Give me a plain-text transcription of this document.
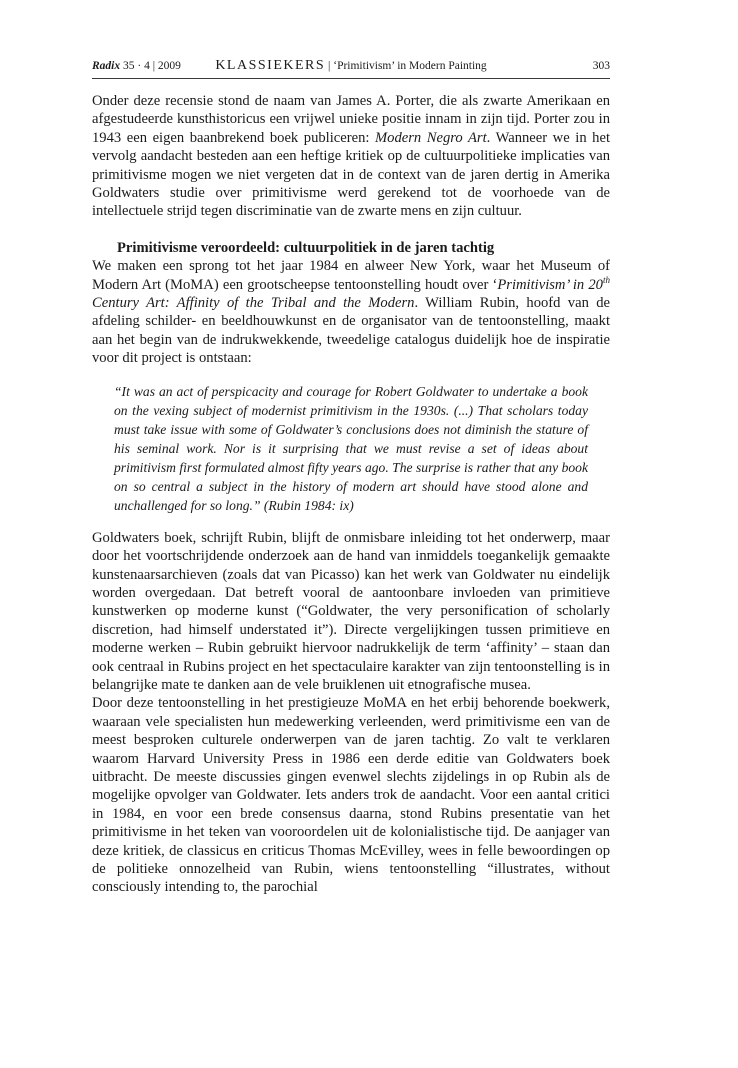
Radix 35 · 4 | 2009	KLASSIEKERS | ‘Primitivism’ in Modern Painting	303

Onder deze recensie stond de naam van James A. Porter, die als zwarte Amerikaan en afgestudeerde kunsthistoricus een vrijwel unieke positie innam in zijn tijd. Porter zou in 1943 een eigen baanbrekend boek publiceren: Modern Negro Art. Wanneer we in het vervolg aandacht besteden aan een heftige kritiek op de cultuurpolitieke implicaties van primitivisme mogen we niet vergeten dat in de context van de jaren dertig in Amerika Goldwaters studie over primitivisme werd gerekend tot de voorhoede van de intellectuele strijd tegen discriminatie van de zwarte mens en zijn cultuur.

Primitivisme veroordeeld: cultuurpolitiek in de jaren tachtig

We maken een sprong tot het jaar 1984 en alweer New York, waar het Museum of Modern Art (MoMA) een grootscheepse tentoonstelling houdt over ‘Primitivism’ in 20th Century Art: Affinity of the Tribal and the Modern. William Rubin, hoofd van de afdeling schilder- en beeldhouwkunst en de organisator van de tentoonstelling, maakt aan het begin van de indrukwekkende, tweedelige catalogus duidelijk hoe de inspiratie voor dit project is ontstaan:

“It was an act of perspicacity and courage for Robert Goldwater to undertake a book on the vexing subject of modernist primitivism in the 1930s. (...) That scholars today must take issue with some of Goldwater’s conclusions does not diminish the stature of his seminal work. Nor is it surprising that we must revise a set of ideas about primitivism first formulated almost fifty years ago. The surprise is rather that any book on so central a subject in the history of modern art should have stood alone and unchallenged for so long.” (Rubin 1984: ix)

Goldwaters boek, schrijft Rubin, blijft de onmisbare inleiding tot het onderwerp, maar door het voortschrijdende onderzoek aan de hand van inmiddels toegankelijk gemaakte kunstenaarsarchieven (zoals dat van Picasso) kan het werk van Goldwater nu eindelijk worden overgedaan. Dat betreft vooral de aantoonbare invloeden van primitieve kunstwerken op moderne kunst (“Goldwater, the very personification of scholarly discretion, had himself understated it”). Directe vergelijkingen tussen primitieve en moderne werken – Rubin gebruikt hiervoor nadrukkelijk de term ‘affinity’ – staan dan ook centraal in Rubins project en het spectaculaire karakter van zijn tentoonstelling is in belangrijke mate te danken aan de vele bruiklenen uit etnografische musea.

Door deze tentoonstelling in het prestigieuze MoMA en het erbij behorende boekwerk, waaraan vele specialisten hun medewerking verleenden, werd primitivisme een van de meest besproken culturele onderwerpen van de jaren tachtig. Zo valt te verklaren waarom Harvard University Press in 1986 een derde editie van Goldwaters boek uitbracht. De meeste discussies gingen evenwel slechts zijdelings in op Rubin als de mogelijke opvolger van Goldwater. Iets anders trok de aandacht. Voor een aantal critici in 1984, en voor een brede consensus daarna, stond Rubins presentatie van het primitivisme in het teken van vooroordelen uit de kolonialistische tijd. De aanjager van deze kritiek, de classicus en criticus Thomas McEvilley, wees in felle bewoordingen op de politieke onnozelheid van Rubin, wiens tentoonstelling “illustrates, without consciously intending to, the parochial
